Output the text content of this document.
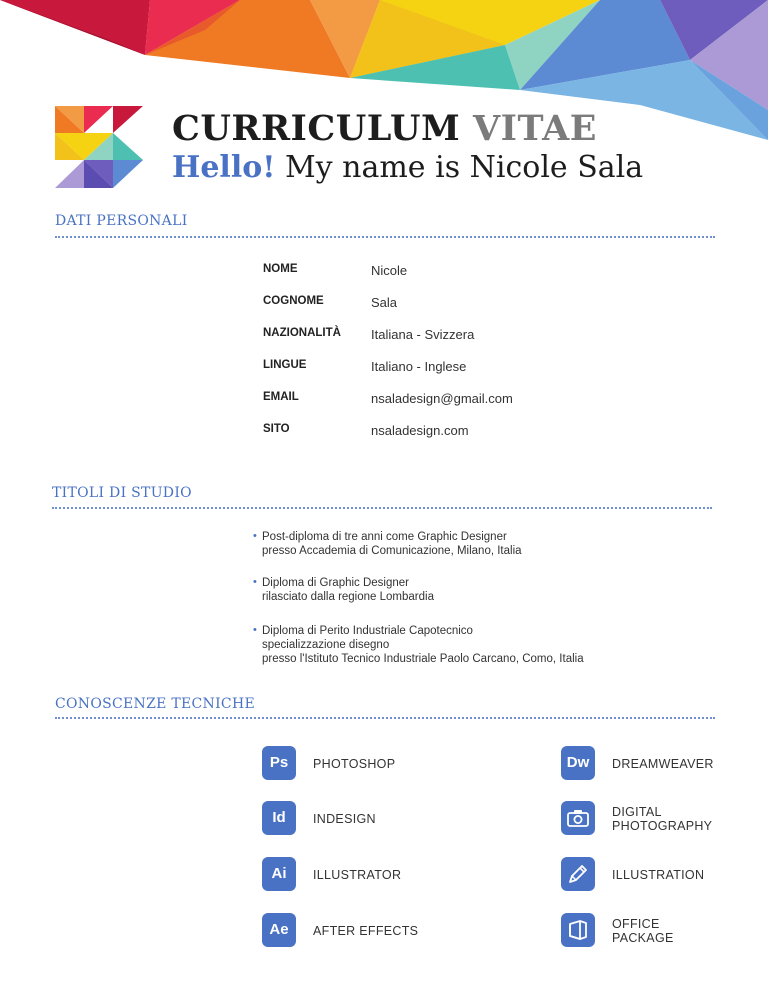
CURRICULUM VITAE
Hello! My name is Nicole Sala
DATI PERSONALI
NOME	Nicole
COGNOME	Sala
NAZIONALITÀ Italiana - Svizzera
LINGUE	Italiano - Inglese
EMAIL	nsaladesign@gmail.com
SITO	nsaladesign.com
TITOLI DI STUDIO
• Post-diploma di tre anni come Graphic Designer
presso Accademia di Comunicazione, Milano, Italia
• Diploma di Graphic Designer
rilasciato dalla regione Lombardia
• Diploma di Perito Industriale Capotecnico
specializzazione disegno
presso l'Istituto Tecnico Industriale Paolo Carcano, Como, Italia
CONOSCENZE TECNICHE
Ps	PHOTOSHOP	Dw	DREAMWEAVER
Id	INDESIGN	DIGITAL
PHOTOGRAPHY
Ai	ILLUSTRATOR	ILLUSTRATION
Ae	AFTER EFFECTS	OFFICE
PACKAGE
